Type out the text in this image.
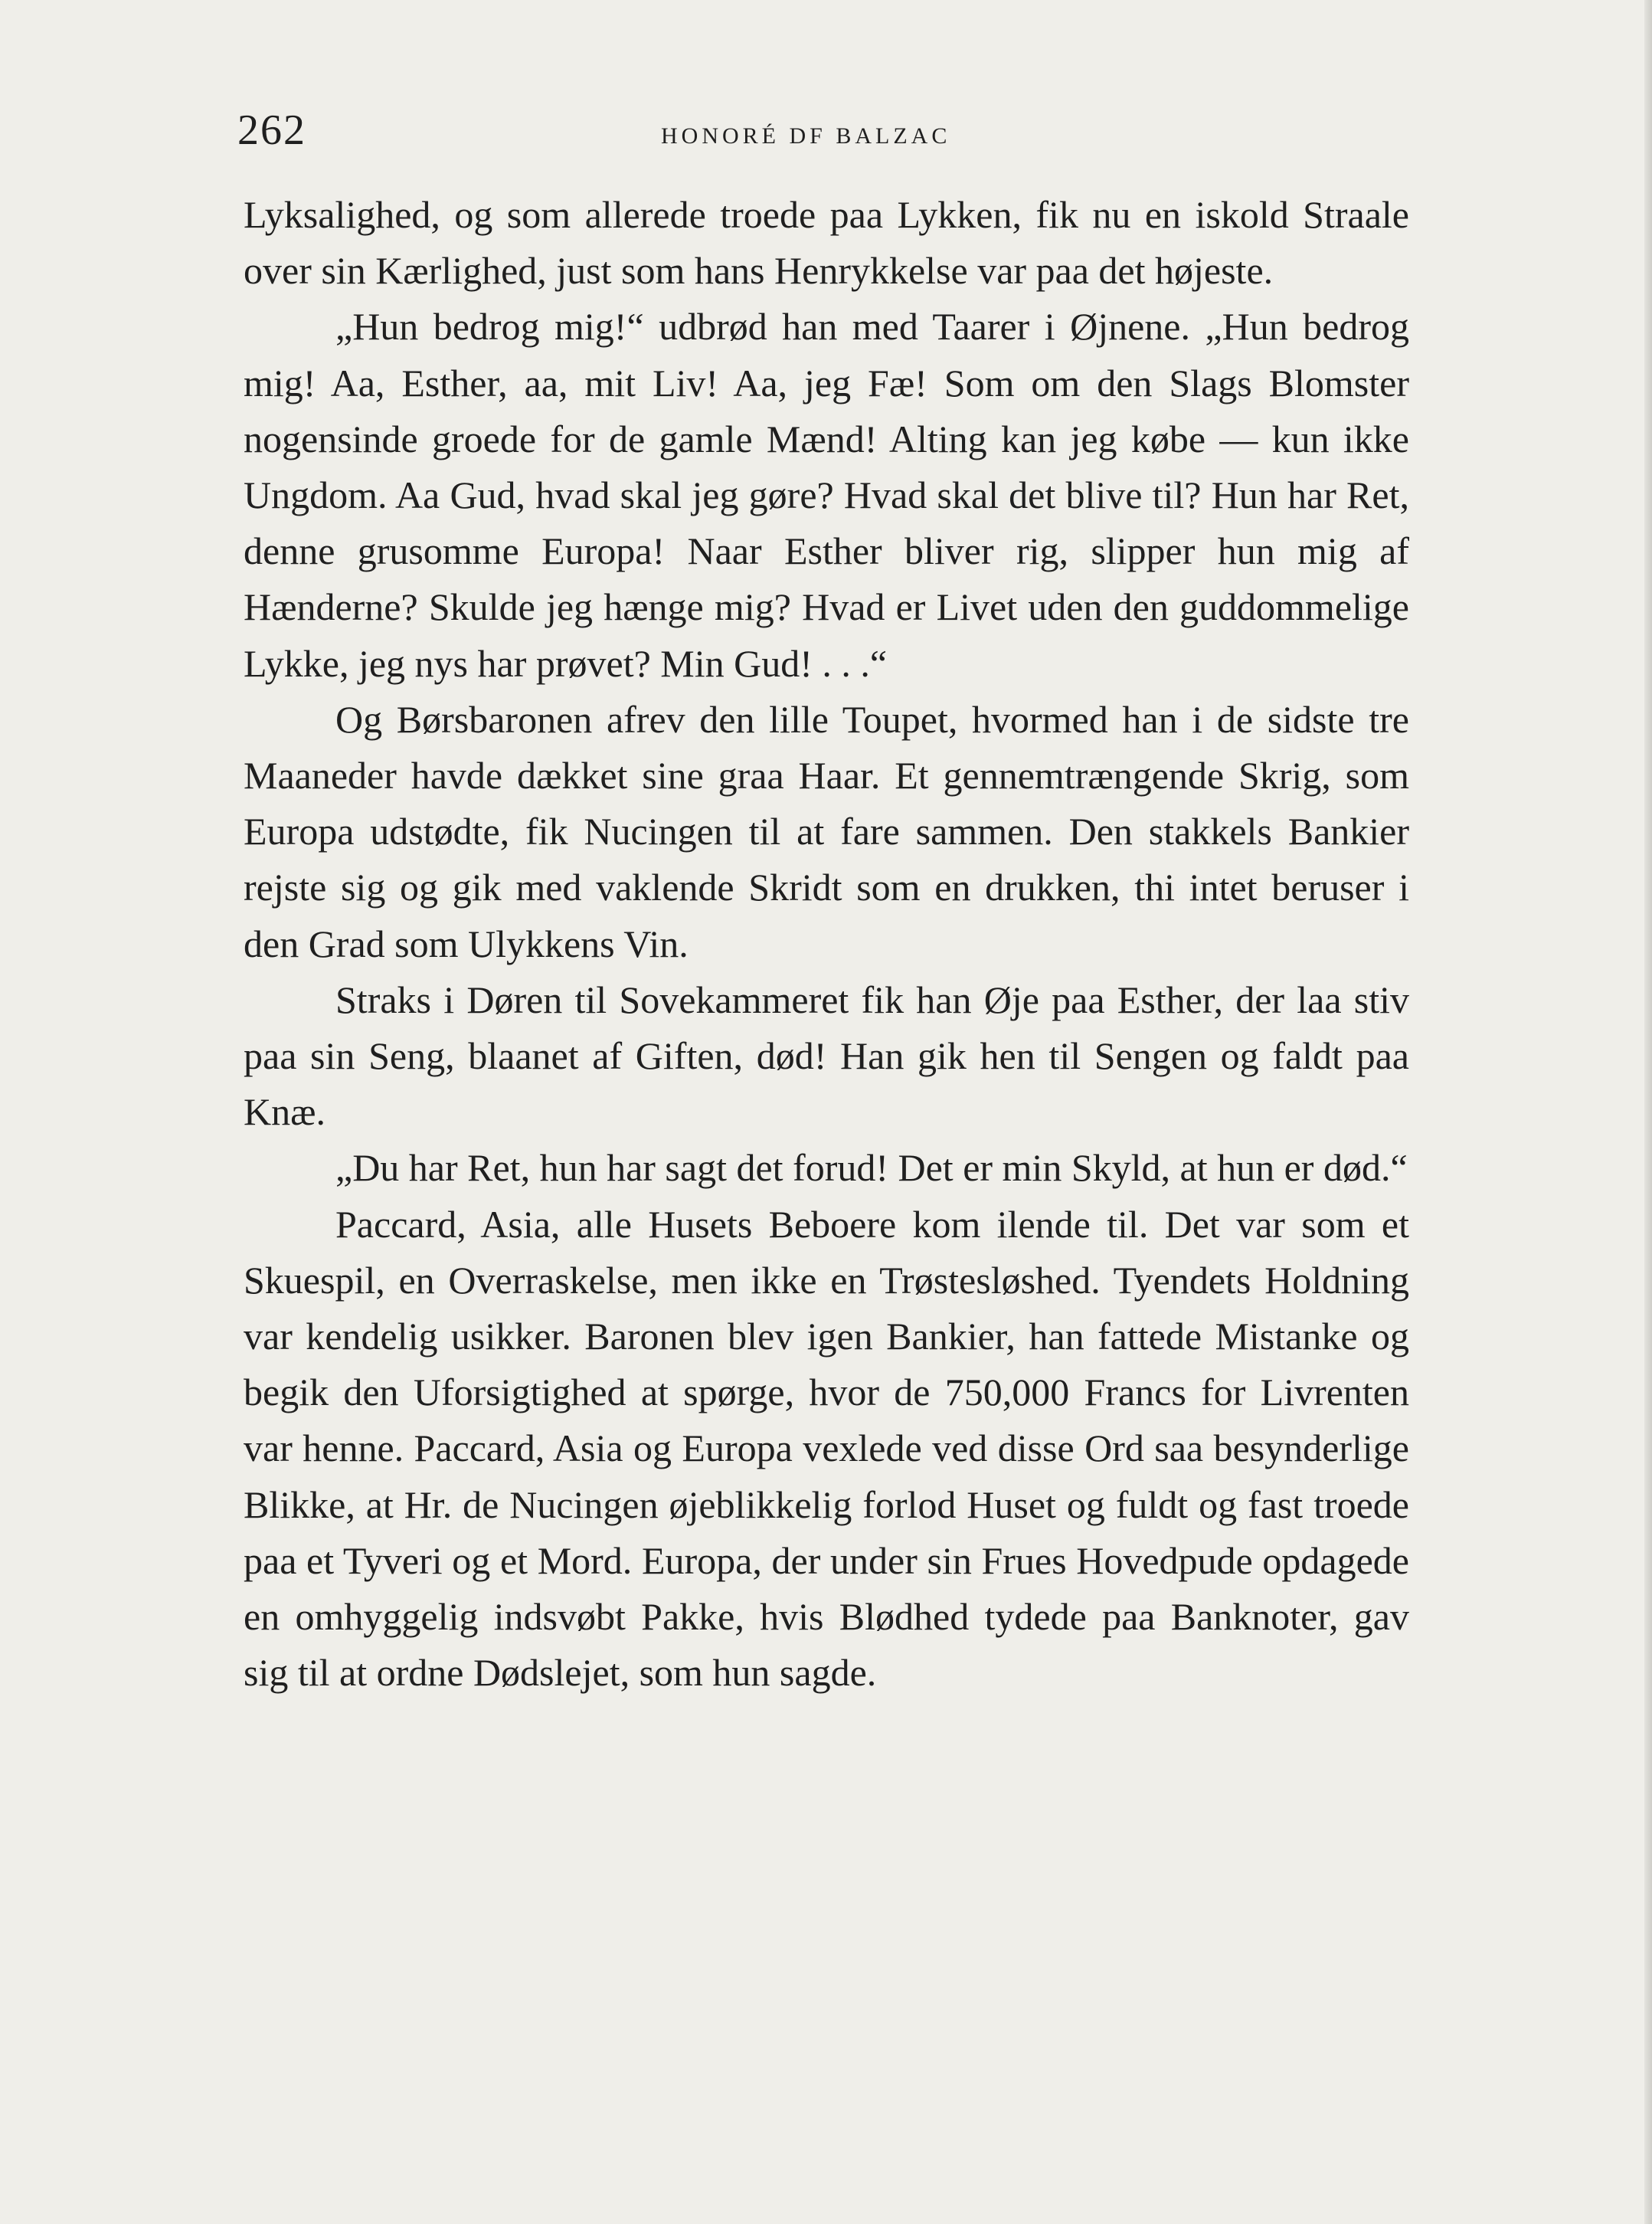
262	HONORÉ DF BALZAC

Lyksalighed, og som allerede troede paa Lykken, fik nu en iskold Straale over sin Kærlighed, just som hans Henrykkelse var paa det højeste.

„Hun bedrog mig!“ udbrød han med Taarer i Øjnene. „Hun bedrog mig! Aa, Esther, aa, mit Liv! Aa, jeg Fæ! Som om den Slags Blomster nogensinde groede for de gamle Mænd! Alting kan jeg købe — kun ikke Ungdom. Aa Gud, hvad skal jeg gøre? Hvad skal det blive til? Hun har Ret, denne grusomme Europa! Naar Esther bliver rig, slipper hun mig af Hænderne? Skulde jeg hænge mig? Hvad er Livet uden den guddommelige Lykke, jeg nys har prøvet? Min Gud! . . .“

Og Børsbaronen afrev den lille Toupet, hvormed han i de sidste tre Maaneder havde dækket sine graa Haar. Et gennemtrængende Skrig, som Europa udstødte, fik Nucingen til at fare sammen. Den stakkels Bankier rejste sig og gik med vaklende Skridt som en drukken, thi intet beruser i den Grad som Ulykkens Vin.

Straks i Døren til Sovekammeret fik han Øje paa Esther, der laa stiv paa sin Seng, blaanet af Giften, død! Han gik hen til Sengen og faldt paa Knæ.

„Du har Ret, hun har sagt det forud! Det er min Skyld, at hun er død.“

Paccard, Asia, alle Husets Beboere kom ilende til. Det var som et Skuespil, en Overraskelse, men ikke en Trøstesløshed. Tyendets Holdning var kendelig usikker. Baronen blev igen Bankier, han fattede Mistanke og begik den Uforsigtighed at spørge, hvor de 750,000 Francs for Livrenten var henne. Paccard, Asia og Europa vexlede ved disse Ord saa besynderlige Blikke, at Hr. de Nucingen øjeblikkelig forlod Huset og fuldt og fast troede paa et Tyveri og et Mord. Europa, der under sin Frues Hovedpude opdagede en omhyggelig indsvøbt Pakke, hvis Blødhed tydede paa Banknoter, gav sig til at ordne Dødslejet, som hun sagde.
